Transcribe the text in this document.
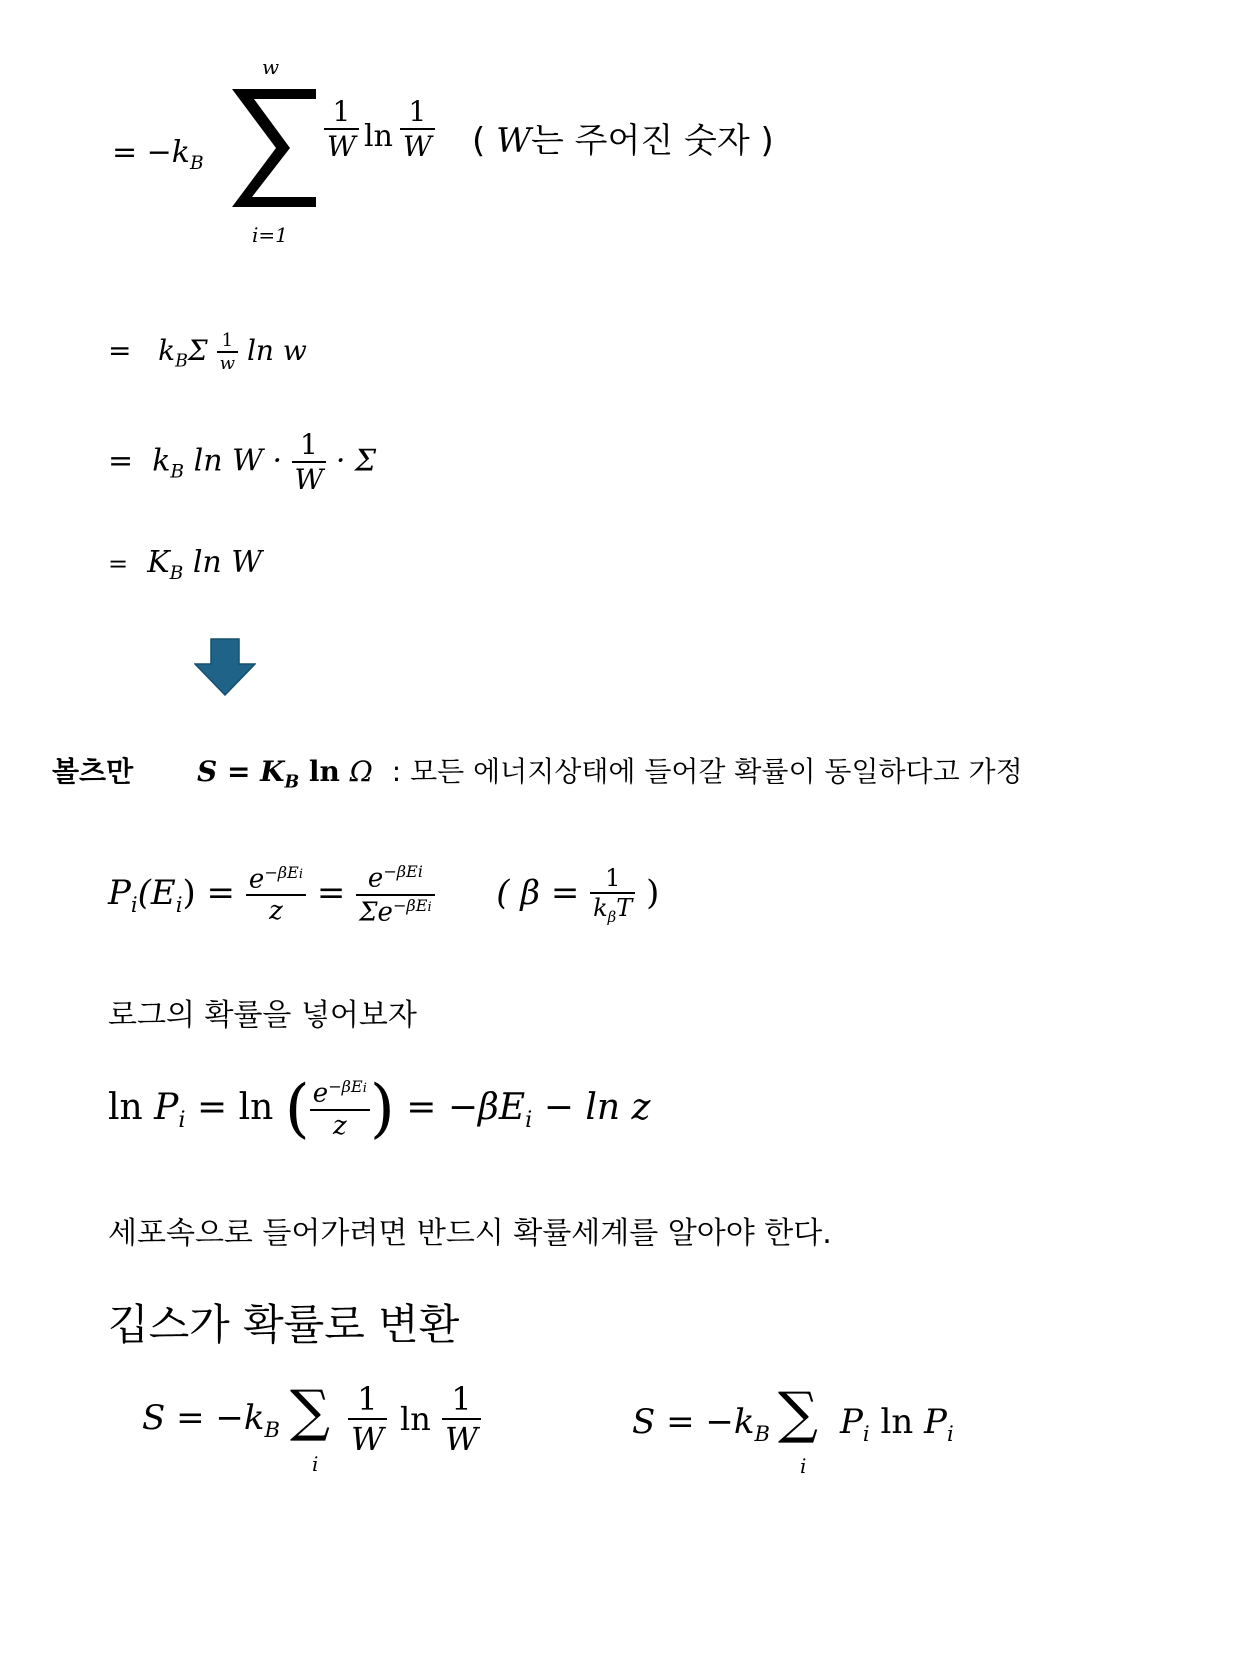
= $-k_B$
w
i=1
$\frac{1}{W}$ $\ln \frac{1}{W}$ ( W는 주어진 숫자 )
= $k_B\Sigma \frac{1}{w}$ ln w
= $k_B$ $\ln W \cdot \frac{1}{W} \cdot \Sigma$
= $K_B$ ln W
볼츠만 $S = K_B$ ln Ω : 모든 에너지상태에 들어갈 확률이 동일하다고 가정
$P_i(E_i) = \frac{e^{-\beta Ei}}{z} = \frac{e^{-\beta Ei}}{\Sigma e^{-\beta Ei}}$ ( $\beta = \frac{1}{k_\beta T}$ )
로그의 확률을 넣어보자
$\ln P_i = \ln$ ( $\frac{e^{-\beta Ei}}{z}$ ) = $-\beta E_i - \ln z$
세포속으로 들어가려면 반드시 확률세계를 알아야 한다.
깁스가 확률로 변환
$S = -k_B$ ∑
i
$\frac{1}{W}$ $\ln \frac{1}{W}$	$S = -k_B$ ∑
i
$P_i$ $\ln P_i$
